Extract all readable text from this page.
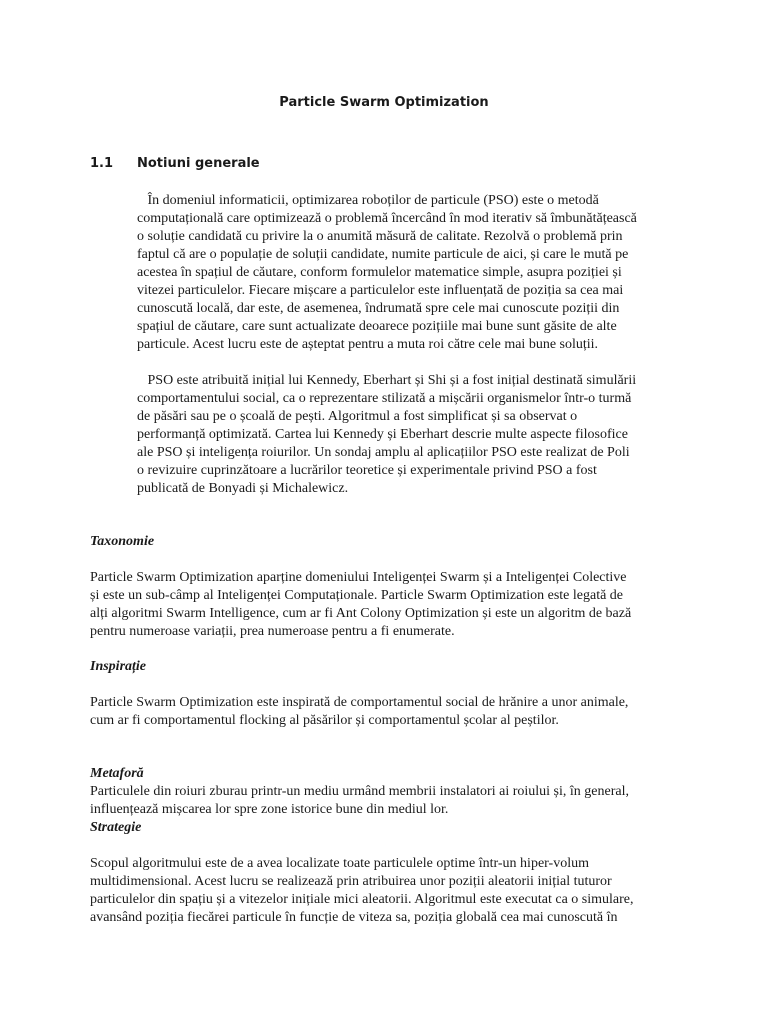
Particle Swarm Optimization
1.1 Notiuni generale
În domeniul informaticii, optimizarea roboților de particule (PSO) este o metodă
computațională care optimizează o problemă încercând în mod iterativ să îmbunătățească
o soluție candidată cu privire la o anumită măsură de calitate. Rezolvă o problemă prin
faptul că are o populație de soluții candidate, numite particule de aici, și care le mută pe
acestea în spațiul de căutare, conform formulelor matematice simple, asupra poziției și
vitezei particulelor. Fiecare mișcare a particulelor este influențată de poziția sa cea mai
cunoscută locală, dar este, de asemenea, îndrumată spre cele mai cunoscute poziții din
spațiul de căutare, care sunt actualizate deoarece pozițiile mai bune sunt găsite de alte
particule. Acest lucru este de așteptat pentru a muta roi către cele mai bune soluții.
PSO este atribuită inițial lui Kennedy, Eberhart și Shi și a fost inițial destinată simulării
comportamentului social, ca o reprezentare stilizată a mișcării organismelor într-o turmă
de păsări sau pe o școală de pești. Algoritmul a fost simplificat și sa observat o
performanță optimizată. Cartea lui Kennedy și Eberhart descrie multe aspecte filosofice
ale PSO și inteligența roiurilor. Un sondaj amplu al aplicațiilor PSO este realizat de Poli
o revizuire cuprinzătoare a lucrărilor teoretice și experimentale privind PSO a fost
publicată de Bonyadi și Michalewicz.
Taxonomie
Particle Swarm Optimization aparține domeniului Inteligenței Swarm și a Inteligenței Colective
și este un sub-câmp al Inteligenței Computaționale. Particle Swarm Optimization este legată de
alți algoritmi Swarm Intelligence, cum ar fi Ant Colony Optimization și este un algoritm de bază
pentru numeroase variații, prea numeroase pentru a fi enumerate.
Inspirație
Particle Swarm Optimization este inspirată de comportamentul social de hrănire a unor animale,
cum ar fi comportamentul flocking al păsărilor și comportamentul școlar al peștilor.
Metaforă
Particulele din roiuri zburau printr-un mediu urmând membrii instalatori ai roiului și, în general,
influențează mișcarea lor spre zone istorice bune din mediul lor.
Strategie
Scopul algoritmului este de a avea localizate toate particulele optime într-un hiper-volum
multidimensional. Acest lucru se realizează prin atribuirea unor poziții aleatorii inițial tuturor
particulelor din spațiu și a vitezelor inițiale mici aleatorii. Algoritmul este executat ca o simulare,
avansând poziția fiecărei particule în funcție de viteza sa, poziția globală cea mai cunoscută în
